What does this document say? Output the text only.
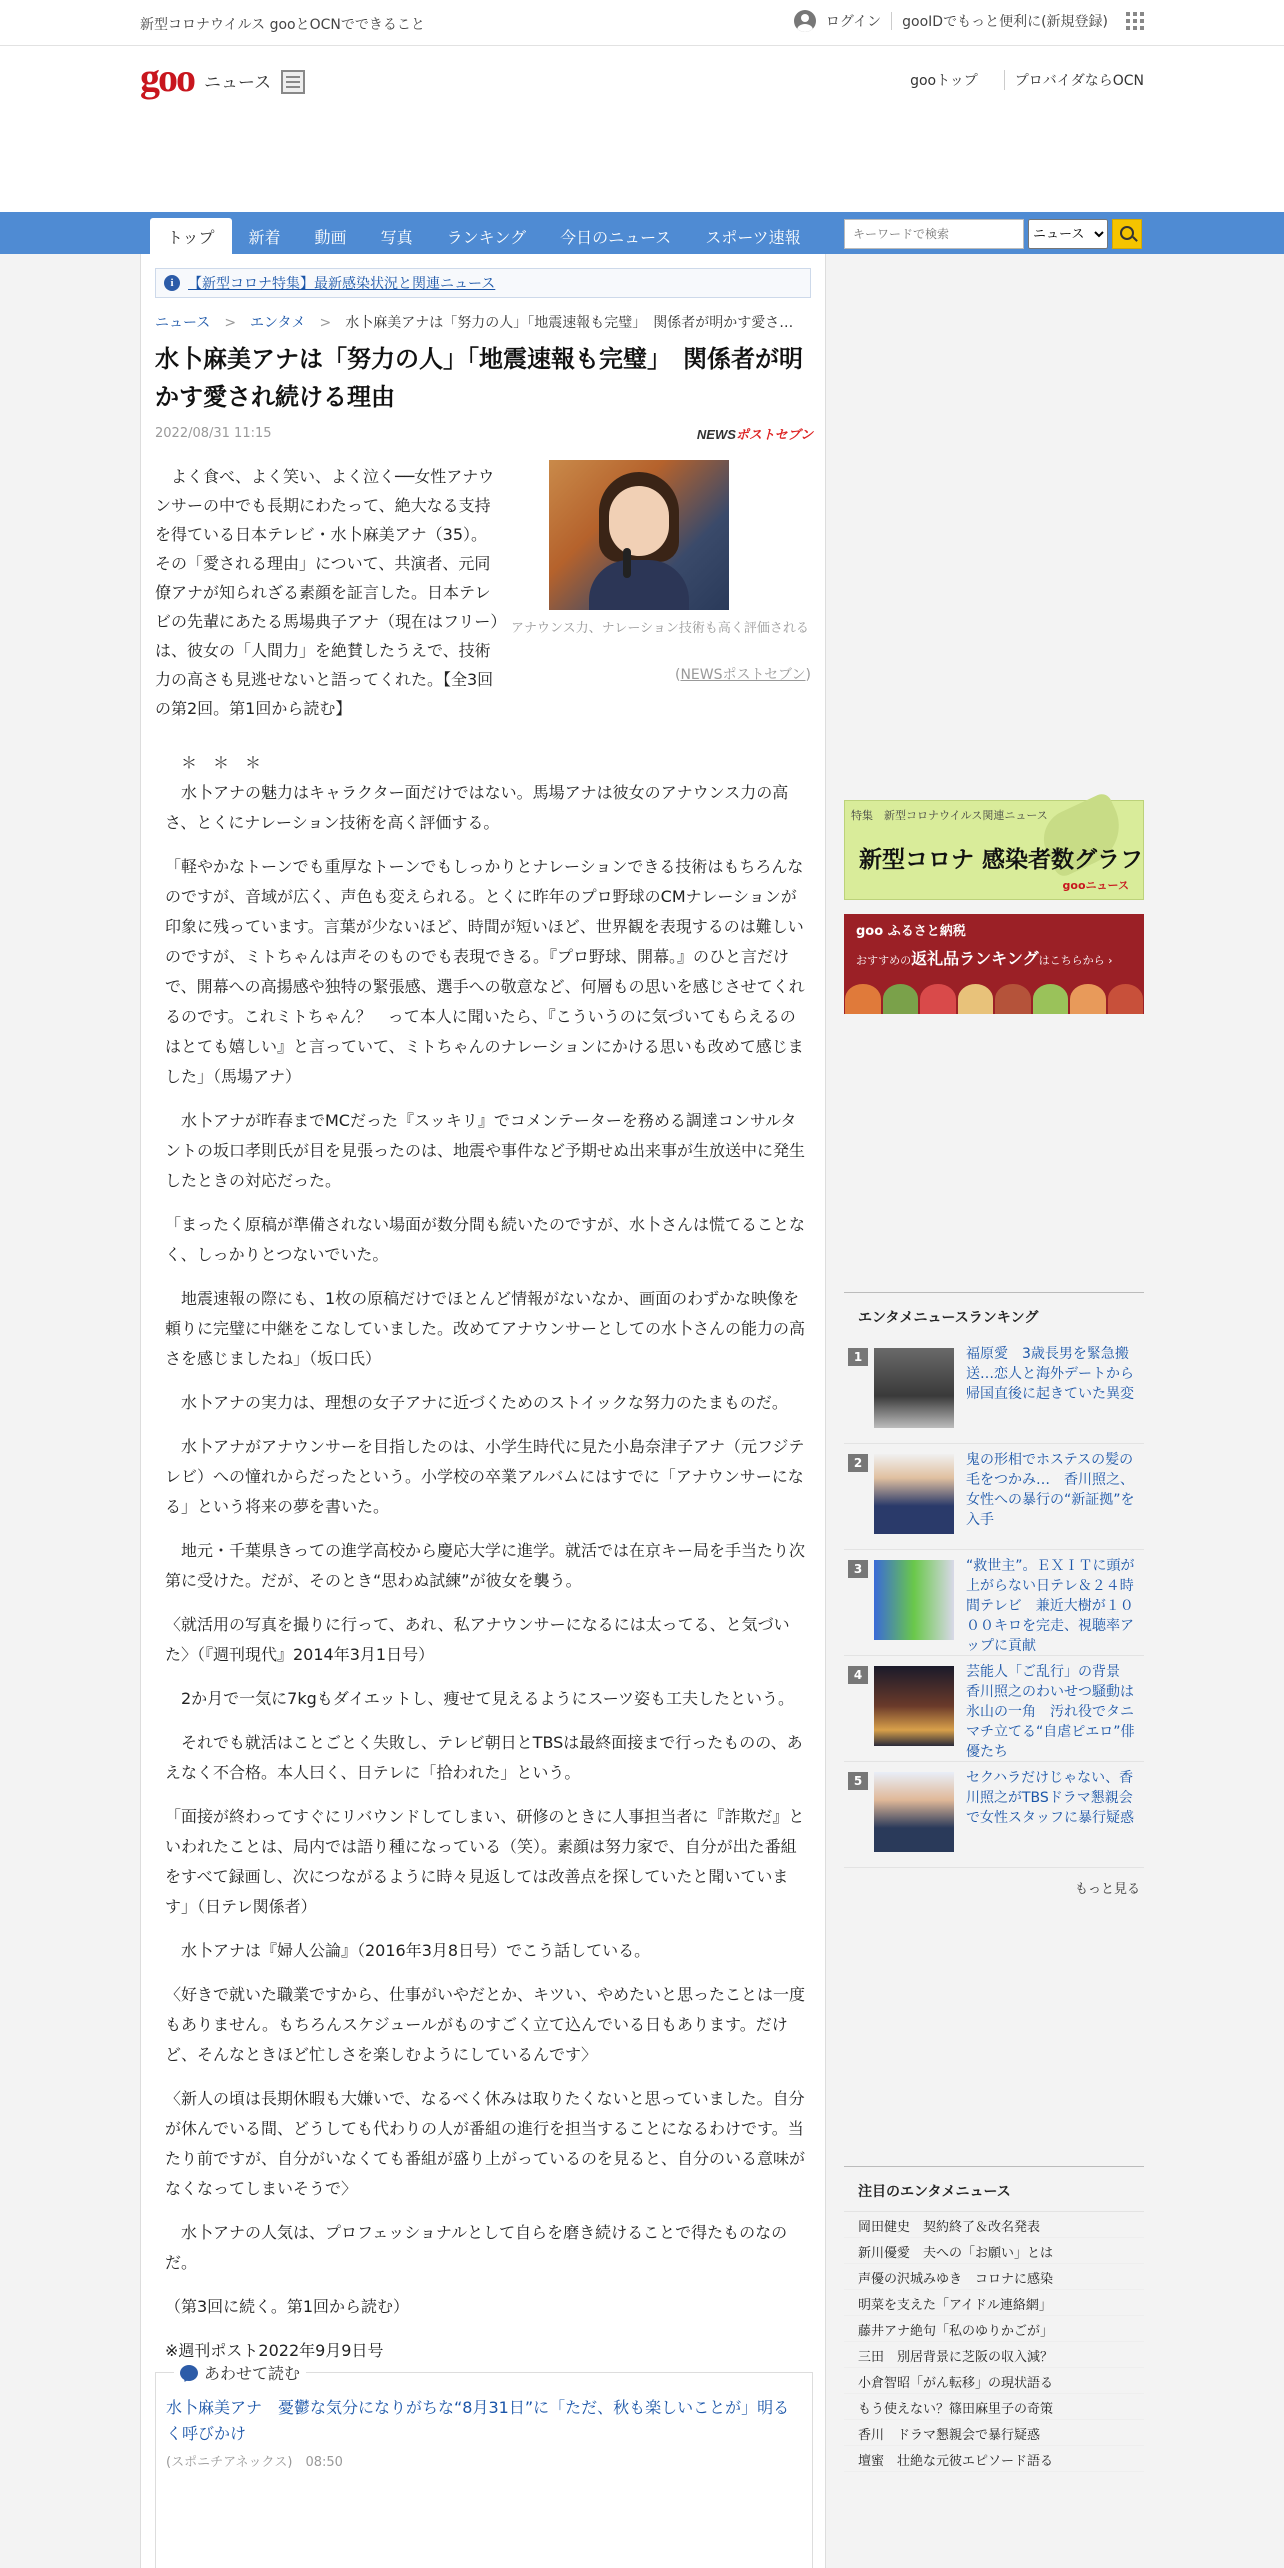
新型コロナウイルス gooとOCNでできること	ログイン gooIDでもっと便利に(新規登録)
goo ニュース	gooトップ	プロバイダならOCN
トップ	新着	動画	写真	ランキング	今日のニュース	スポーツ速報
キーワードで検索
ニュース
i	【新型コロナ特集】最新感染状況と関連ニュース
ニュース > エンタメ > 水卜麻美アナは「努力の人」「地震速報も完璧」　関係者が明かす愛さ…
水卜麻美アナは「努力の人」「地震速報も完璧」　関係者が明かす愛され続ける理由
2022/08/31 11:15	NEWSポストセブン
アナウンス力、ナレーション技術も高く評価される
(NEWSポストセブン)

よく食べ、よく笑い、よく泣く──女性アナウンサーの中でも長期にわたって、絶大なる支持を得ている日本テレビ・水卜麻美アナ（35）。その「愛される理由」について、共演者、元同僚アナが知られざる素顔を証言した。日本テレビの先輩にあたる馬場典子アナ（現在はフリー）は、彼女の「人間力」を絶賛したうえで、技術力の高さも見逃せないと語ってくれた。【全3回の第2回。第1回から読む】

　＊　＊　＊
　水卜アナの魅力はキャラクター面だけではない。馬場アナは彼女のアナウンス力の高さ、とくにナレーション技術を高く評価する。

「軽やかなトーンでも重厚なトーンでもしっかりとナレーションできる技術はもちろんなのですが、音域が広く、声色も変えられる。とくに昨年のプロ野球のCMナレーションが印象に残っています。言葉が少ないほど、時間が短いほど、世界観を表現するのは難しいのですが、ミトちゃんは声そのものでも表現できる。『プロ野球、開幕。』のひと言だけで、開幕への高揚感や独特の緊張感、選手への敬意など、何層もの思いを感じさせてくれるのです。これミトちゃん？　って本人に聞いたら、『こういうのに気づいてもらえるのはとても嬉しい』と言っていて、ミトちゃんのナレーションにかける思いも改めて感じました」（馬場アナ）

　水卜アナが昨春までMCだった『スッキリ』でコメンテーターを務める調達コンサルタントの坂口孝則氏が目を見張ったのは、地震や事件など予期せぬ出来事が生放送中に発生したときの対応だった。

「まったく原稿が準備されない場面が数分間も続いたのですが、水卜さんは慌てることなく、しっかりとつないでいた。

　地震速報の際にも、1枚の原稿だけでほとんど情報がないなか、画面のわずかな映像を頼りに完璧に中継をこなしていました。改めてアナウンサーとしての水卜さんの能力の高さを感じましたね」（坂口氏）

　水卜アナの実力は、理想の女子アナに近づくためのストイックな努力のたまものだ。

　水卜アナがアナウンサーを目指したのは、小学生時代に見た小島奈津子アナ（元フジテレビ）への憧れからだったという。小学校の卒業アルバムにはすでに「アナウンサーになる」という将来の夢を書いた。

　地元・千葉県きっての進学高校から慶応大学に進学。就活では在京キー局を手当たり次第に受けた。だが、そのとき“思わぬ試練”が彼女を襲う。

〈就活用の写真を撮りに行って、あれ、私アナウンサーになるには太ってる、と気づいた〉（『週刊現代』2014年3月1日号）

　2か月で一気に7kgもダイエットし、痩せて見えるようにスーツ姿も工夫したという。

　それでも就活はことごとく失敗し、テレビ朝日とTBSは最終面接まで行ったものの、あえなく不合格。本人曰く、日テレに「拾われた」という。

「面接が終わってすぐにリバウンドしてしまい、研修のときに人事担当者に『詐欺だ』といわれたことは、局内では語り種になっている（笑）。素顔は努力家で、自分が出た番組をすべて録画し、次につながるように時々見返しては改善点を探していたと聞いています」（日テレ関係者）

　水卜アナは『婦人公論』（2016年3月8日号）でこう話している。

〈好きで就いた職業ですから、仕事がいやだとか、キツい、やめたいと思ったことは一度もありません。もちろんスケジュールがものすごく立て込んでいる日もあります。だけど、そんなときほど忙しさを楽しむようにしているんです〉

〈新人の頃は長期休暇も大嫌いで、なるべく休みは取りたくないと思っていました。自分が休んでいる間、どうしても代わりの人が番組の進行を担当することになるわけです。当たり前ですが、自分がいなくても番組が盛り上がっているのを見ると、自分のいる意味がなくなってしまいそうで〉

　水卜アナの人気は、プロフェッショナルとして自らを磨き続けることで得たものなのだ。

（第3回に続く。第1回から読む）

※週刊ポスト2022年9月9日号

あわせて読む
水卜麻美アナ　憂鬱な気分になりがちな“8月31日”に「ただ、秋も楽しいことが」明るく呼びかけ
(スポニチアネックス)　08:50
特集　新型コロナウイルス関連ニュース
新型コロナ 感染者数グラフ
gooニュース
goo ふるさと納税
おすすめの返礼品ランキングはこちらから ›
エンタメニュースランキング
1	福原愛　3歳長男を緊急搬送…恋人と海外デートから帰国直後に起きていた異変
2	鬼の形相でホステスの髪の毛をつかみ…　香川照之、女性への暴行の“新証拠”を入手
3	“救世主”。ＥＸＩＴに頭が上がらない日テレ＆２４時間テレビ　兼近大樹が１０００キロを完走、視聴率アップに貢献
4	芸能人「ご乱行」の背景　香川照之のわいせつ騒動は氷山の一角　汚れ役でタニマチ立てる“自虐ピエロ”俳優たち
5	セクハラだけじゃない、香川照之がTBSドラマ懇親会で女性スタッフに暴行疑惑
もっと見る
注目のエンタメニュース
岡田健史　契約終了＆改名発表
新川優愛　夫への「お願い」とは
声優の沢城みゆき　コロナに感染
明菜を支えた「アイドル連絡網」
藤井アナ絶句「私のゆりかごが」
三田　別居背景に芝阪の収入減？
小倉智昭「がん転移」の現状語る
もう使えない？篠田麻里子の奇策
香川　ドラマ懇親会で暴行疑惑
壇蜜　壮絶な元彼エピソード語る
